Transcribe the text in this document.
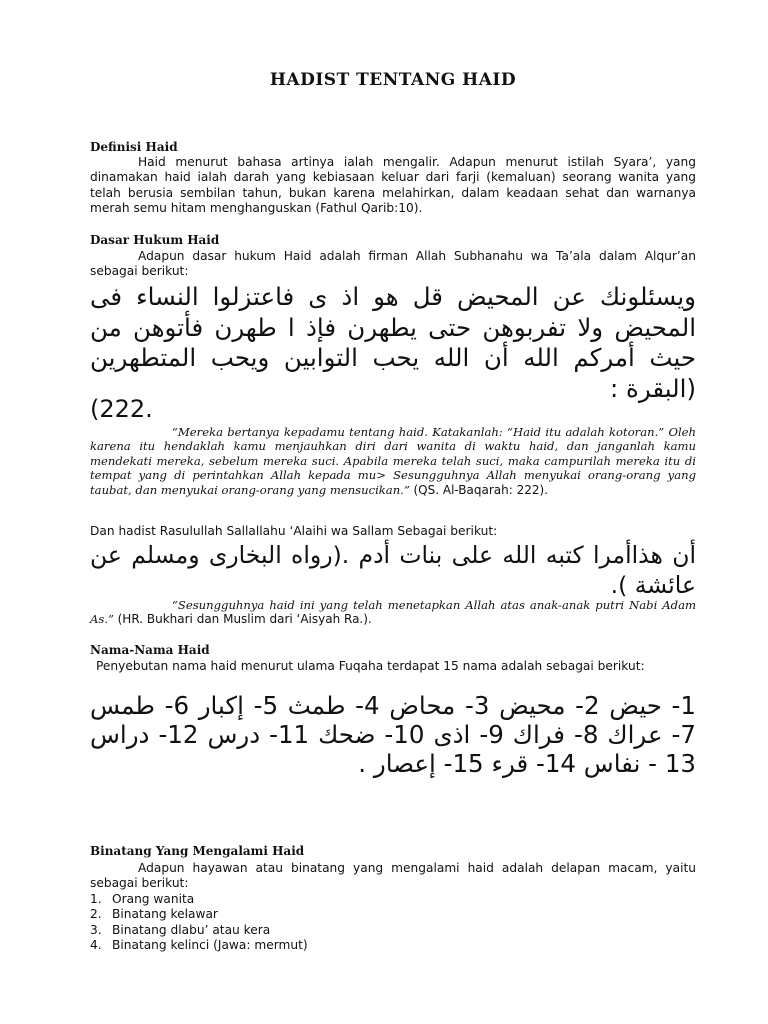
HADIST TENTANG HAID
Definisi Haid
Haid menurut bahasa artinya ialah mengalir. Adapun menurut istilah Syara’, yang dinamakan haid ialah darah yang kebiasaan keluar dari farji (kemaluan) seorang wanita yang telah berusia sembilan tahun, bukan karena melahirkan, dalam keadaan sehat dan warnanya merah semu hitam menghanguskan (Fathul Qarib:10).
Dasar Hukum Haid
Adapun dasar hukum Haid adalah firman Allah Subhanahu wa Ta’ala dalam Alqur’an sebagai berikut:
ويسئلونك عن المحيض قل هو اذ ى فاعتزلوا النساء فى المحيض ولا تفربوهن حتى يطهرن فإذ ا طهرن فأتوهن من حيث أمركم الله أن الله يحب التوابين ويحب المتطهرين (البقرة :
(222.
“Mereka bertanya kepadamu tentang haid. Katakanlah: “Haid itu adalah kotoran.” Oleh karena itu hendaklah kamu menjauhkan diri dari wanita di waktu haid, dan janganlah kamu mendekati mereka, sebelum mereka suci. Apabila mereka telah suci, maka campurilah mereka itu di tempat yang di perintahkan Allah kepada mu> Sesungguhnya Allah menyukai orang-orang yang taubat, dan menyukai orang-orang yang mensucikan.” (QS. Al-Baqarah: 222).
Dan hadist Rasulullah Sallallahu ‘Alaihi wa Sallam Sebagai berikut:
أن هذاأمرا كتبه الله على بنات أدم .(رواه البخارى ومسلم عن عائشة ).
“Sesungguhnya haid ini yang telah menetapkan Allah atas anak-anak putri Nabi Adam As.” (HR. Bukhari dan Muslim dari ‘Aisyah Ra.).
Nama-Nama Haid
Penyebutan nama haid menurut ulama Fuqaha terdapat 15 nama adalah sebagai berikut:
1- حيض 2- محيض 3- محاض 4- طمث 5- إكبار 6- طمس 7- عراك 8- فراك 9- اذى 10- ضحك 11- درس 12- دراس 13 - نفاس 14- قرء 15- إعصار .
Binatang Yang Mengalami Haid
Adapun hayawan atau binatang yang mengalami haid adalah delapan macam, yaitu sebagai berikut:
1. Orang wanita
2. Binatang kelawar
3. Binatang dlabu’ atau kera
4. Binatang kelinci (Jawa: mermut)
